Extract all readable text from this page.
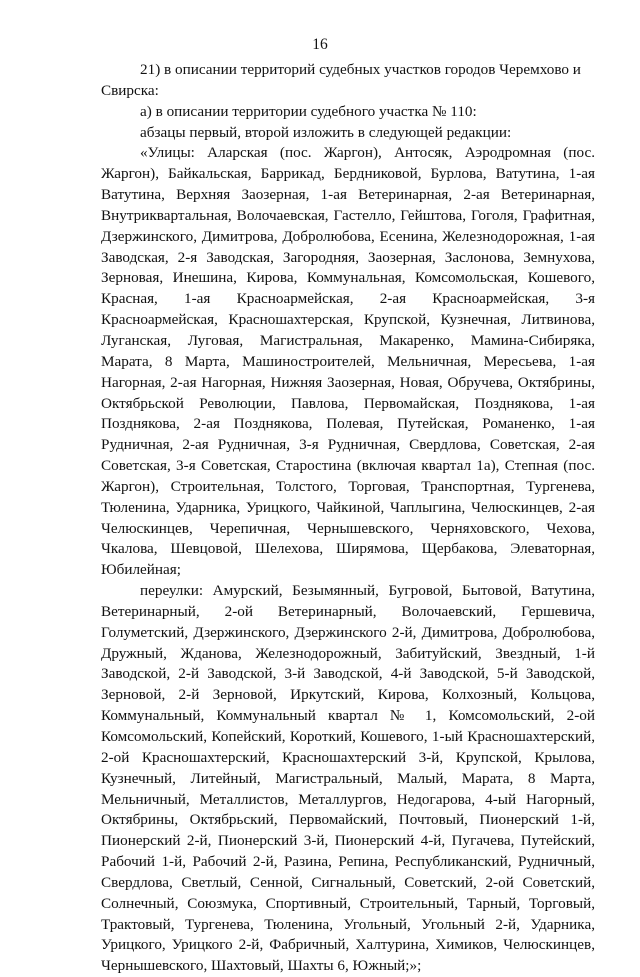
16

21) в описании территорий судебных участков городов Черемхово и
Свирска:

а) в описании территории судебного участка № 110:

абзацы первый, второй изложить в следующей редакции:

«Улицы: Аларская (пос. Жаргон), Антосяк, Аэродромная (пос. Жаргон), Байкальская, Баррикад, Бердниковой, Бурлова, Ватутина, 1-ая Ватутина, Верхняя Заозерная, 1-ая Ветеринарная, 2-ая Ветеринарная, Внутриквартальная, Волочаевская, Гастелло, Гейштова, Гоголя, Графитная, Дзержинского, Димитрова, Добролюбова, Есенина, Железнодорожная, 1-ая Заводская, 2-я Заводская, Загородняя, Заозерная, Заслонова, Земнухова, Зерновая, Инешина, Кирова, Коммунальная, Комсомольская, Кошевого, Красная, 1-ая Красноармейская, 2-ая Красноармейская, 3-я Красноармейская, Красношахтерская, Крупской, Кузнечная, Литвинова, Луганская, Луговая, Магистральная, Макаренко, Мамина-Сибиряка, Марата, 8 Марта, Машиностроителей, Мельничная, Мересьева, 1-ая Нагорная, 2-ая Нагорная, Нижняя Заозерная, Новая, Обручева, Октябрины, Октябрьской Революции, Павлова, Первомайская, Позднякова, 1-ая Позднякова, 2-ая Позднякова, Полевая, Путейская, Романенко, 1-ая Рудничная, 2-ая Рудничная, 3-я Рудничная, Свердлова, Советская, 2-ая Советская, 3-я Советская, Старостина (включая квартал 1а), Степная (пос. Жаргон), Строительная, Толстого, Торговая, Транспортная, Тургенева, Тюленина, Ударника, Урицкого, Чайкиной, Чаплыгина, Челюскинцев, 2-ая Челюскинцев, Черепичная, Чернышевского, Черняховского, Чехова, Чкалова, Шевцовой, Шелехова, Ширямова, Щербакова, Элеваторная, Юбилейная;

переулки: Амурский, Безымянный, Бугровой, Бытовой, Ватутина, Ветеринарный, 2-ой Ветеринарный, Волочаевский, Гершевича, Голуметский, Дзержинского, Дзержинского 2-й, Димитрова, Добролюбова, Дружный, Жданова, Железнодорожный, Забитуйский, Звездный, 1-й Заводской, 2-й Заводской, 3-й Заводской, 4-й Заводской, 5-й Заводской, Зерновой, 2-й Зерновой, Иркутский, Кирова, Колхозный, Кольцова, Коммунальный, Коммунальный квартал № 1, Комсомольский, 2-ой Комсомольский, Копейский, Короткий, Кошевого, 1-ый Красношахтерский, 2-ой Красношахтерский, Красношахтерский 3-й, Крупской, Крылова, Кузнечный, Литейный, Магистральный, Малый, Марата, 8 Марта, Мельничный, Металлистов, Металлургов, Недогарова, 4-ый Нагорный, Октябрины, Октябрьский, Первомайский, Почтовый, Пионерский 1-й, Пионерский 2-й, Пионерский 3-й, Пионерский 4-й, Пугачева, Путейский, Рабочий 1-й, Рабочий 2-й, Разина, Репина, Республиканский, Рудничный, Свердлова, Светлый, Сенной, Сигнальный, Советский, 2-ой Советский, Солнечный, Союзмука, Спортивный, Строительный, Тарный, Торговый, Трактовый, Тургенева, Тюленина, Угольный, Угольный 2-й, Ударника, Урицкого, Урицкого 2-й, Фабричный, Халтурина, Химиков, Челюскинцев, Чернышевского, Шахтовый, Шахты 6, Южный;»;
